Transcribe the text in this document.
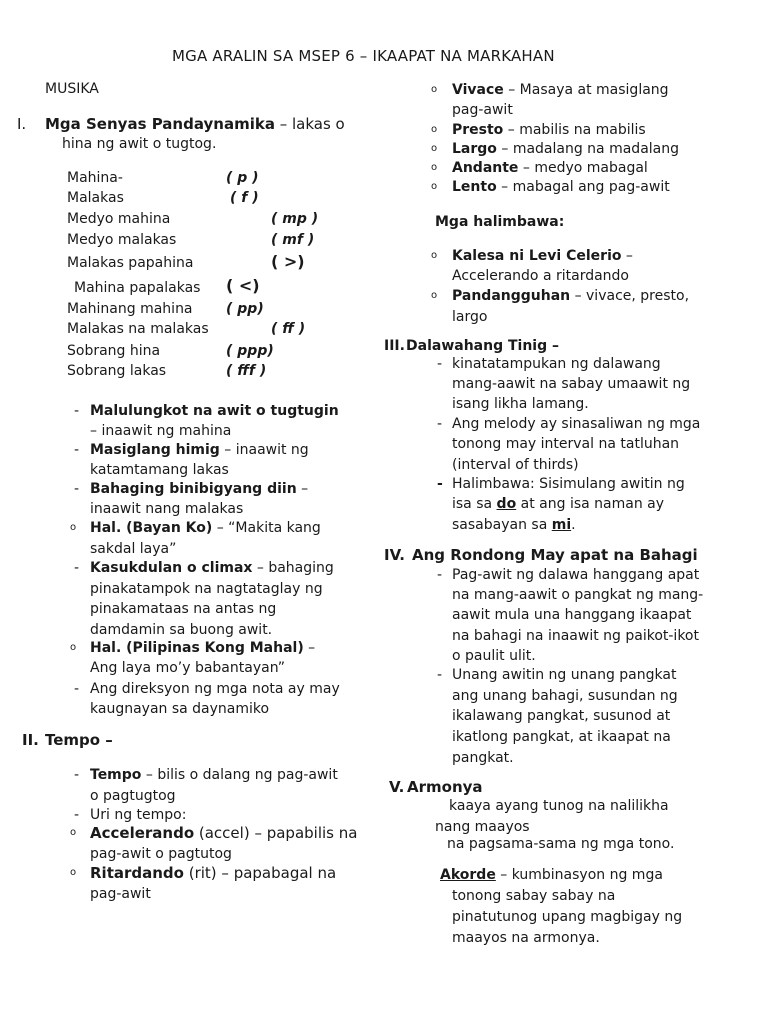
MGA ARALIN SA MSEP 6 – IKAAPAT NA MARKAHAN
MUSIKA
I. Mga Senyas Pandaynamika – lakas o
hina ng awit o tugtog.
Mahina-	( p )
Malakas	( f )
Medyo mahina	( mp )
Medyo malakas	( mf )
Malakas papahina	( >)
Mahina papalakas ( <)
Mahinang mahina ( pp)
Malakas na malakas	( ff )
Sobrang hina	( ppp)
Sobrang lakas	( fff )
- Malulungkot na awit o tugtugin
– inaawit ng mahina
- Masiglang himig – inaawit ng
katamtamang lakas
- Bahaging binibigyang diin –
inaawit nang malakas
o Hal. (Bayan Ko) – “Makita kang
sakdal laya”
- Kasukdulan o climax – bahaging
pinakatampok na nagtataglay ng
pinakamataas na antas ng
damdamin sa buong awit.
o Hal. (Pilipinas Kong Mahal) –
Ang laya mo’y babantayan”
- Ang direksyon ng mga nota ay may
kaugnayan sa daynamiko
II. Tempo –
- Tempo – bilis o dalang ng pag-awit
o pagtugtog
- Uri ng tempo:
o Accelerando (accel) – papabilis na
pag-awit o pagtutog
o Ritardando (rit) – papabagal na
pag-awit
o Vivace – Masaya at masiglang
pag-awit
o Presto – mabilis na mabilis
o Largo – madalang na madalang
o Andante – medyo mabagal
o Lento – mabagal ang pag-awit
Mga halimbawa:
o Kalesa ni Levi Celerio –
Accelerando a ritardando
o Pandangguhan – vivace, presto,
largo
III. Dalawahang Tinig –
- kinatatampukan ng dalawang
mang-aawit na sabay umaawit ng
isang likha lamang.
- Ang melody ay sinasaliwan ng mga
tonong may interval na tatluhan
(interval of thirds)
- Halimbawa: Sisimulang awitin ng
isa sa do at ang isa naman ay
sasabayan sa mi.
IV. Ang Rondong May apat na Bahagi
- Pag-awit ng dalawa hanggang apat
na mang-aawit o pangkat ng mang-
aawit mula una hanggang ikaapat
na bahagi na inaawit ng paikot-ikot
o paulit ulit.
- Unang awitin ng unang pangkat
ang unang bahagi, susundan ng
ikalawang pangkat, susunod at
ikatlong pangkat, at ikaapat na
pangkat.
V. Armonya
kaaya ayang tunog na nalilikha
nang maayos
na pagsama-sama ng mga tono.
Akorde – kumbinasyon ng mga
tonong sabay sabay na
pinatutunog upang magbigay ng
maayos na armonya.
